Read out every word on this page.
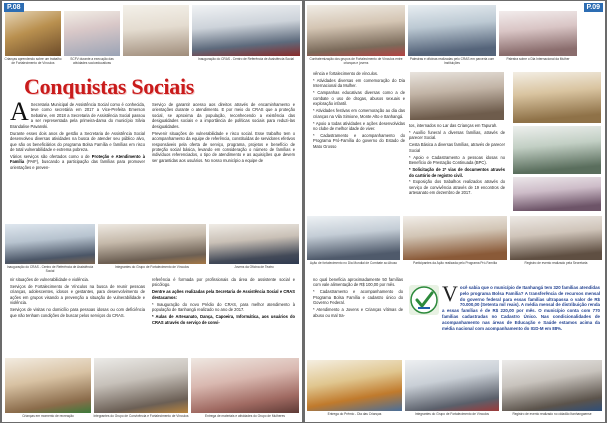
P.08
Crianças aprendendo sobre um trabalho de Fortalecimento de Vínculos
SCFV durante a execução das atividades socioeducativas
Inauguração do CRAS - Centro de Referência de Assistência Social
Conquistas Sociais

A Secretaria Municipal de Assistência Social como é conhecida, teve como secretária em 2017 a Vice-Prefeita Emerson Sebatine, em 2018 a Secretaria de Assistência Social passou a ser representada pela primeira-dama do município Silvia Brandalise Pavanski.

Durante esses dois anos de gestão a Secretaria de Assistência Social desenvolveu diversas atividades na busca de atender seu público alvo, que são os beneficiários do programa Bolsa Família e famílias em risco de total vulnerabilidade e extrema pobreza.

Vários serviços são ofertados como o de Proteção e Atendimento à Família (PAIF), buscando a participação das famílias para promover orientações e preven-

Serviço de garantir acesso aos direitos através de encaminhamento e orientações durante o atendimento. E por meio do CRAS que a proteção social, se aproxima da população, reconhecendo a existência das desigualdades sociais e a importância de políticas sociais para reduzi-las desigualdades.

Prevenir situações de vulnerabilidade e risco social. Esse trabalho tem o acompanhamento da equipe de referência, constituídas de servidores efetivos responsáveis pela oferta de serviço, programa, projetos e benefício de proteção social básica, levando em consideração o número de famílias e indivíduos referenciados, o tipo de atendimento e as aquisições que devem ser garantidas aos usuários. No nosso município a equipe de

Inauguração do CRAS - Centro de Referência de Assistência Social
Integrantes do Grupo de Fortalecimento de Vínculos	Jovens da Oficina de Teatro

nir situações de vulnerabilidade e violência.

Serviços de Fortalecimento de Vínculos na busca de reunir pessoas crianças, adolescentes, idosos e gestantes, para desenvolvimento de ações em grupos visando a prevenção a situação de vulnerabilidade e violência.

Serviços de visitas no domicílio para pessoas idosas ou com deficiência que não tenham condições de buscar pelos serviços do CRAS.

referência é formada por profissionais da área de assistente social e psicólogo.

Dentre as ações realizadas pela Secretaria de Assistência Social e CRAS destacamos:

* Inauguração do novo Prédio do CRAS, para melhor atendimento à população de Itanhangá realizado no ano de 2017.

* Aulas de Artesanato, Dança, Capoeira, Informática, aos usuários do CRAS através do serviço de convi-

Crianças em momento de recreação	Integrantes do Grupo de Convivência e Fortalecimento de Vínculos	Entrega de materiais e atividades do Grupo de Mulheres
P.09
Confraternização dos grupos de Fortalecimento de Vínculos entre crianças e jovens
Palestras e oficinas realizadas pelo CRAS em parceria com Instituições
Palestra sobre o Dia Internacional da Mulher

vência e fortalecimento de vínculos.

* Atividades diversas em comemoração do Dia Internacional da Mulher.

* Campanhas educativas diversas como a de combate o uso de drogas, abusos sexuais e exploração infantil.

* Atividades festivas em comemoração ao dia das crianças na Vila Simione, Monte Alto e Itanhangá.

* Apoio a todas atividades e ações desenvolvidas no clube de melhor idade de viver.

* Cadastramento e acompanhamento do Programa Pró-Família do governo do Estado de Mato Grosso

tos, internados no Lar das Crianças em Tapurah.

* Auxílio funeral a diversas famílias, através de parecer Social.

Cesta Básica a diversas famílias, através de parecer Social

* Apoio e Cadastramento a pessoas idosas no Benefício de Prestação Continuada (BPC).

* Solicitação de 2ª vias de documentos através do cartório de registro civil.

* Exposição dos trabalhos realizados através do serviço de convivência através de 19 encontros de artesanato em dezembro de 2017.

Ação de fortalecimento no Dia Mundial de Combate ao Abuso	Participantes da Ação realizada pelo Programa Pró-Família	Registro de evento realizado pela Secretaria

no qual beneficia aproximadamente 50 famílias com vale alimentação de R$ 100,00 por mês.

* Cadastramento e acompanhamento do Programa Bolsa Família e cadastro único do Governo Federal.

* Atendimento a Jovens e Crianças vítimas de abuso ou mal tra-

Você sabia que o município de Itanhangá tem 320 famílias atendidas pelo programa Bolsa Família? A transferência de recursos mensal do governo federal para essas famílias ultrapassa o valor de R$ 70.000,00 (Setenta mil reais). A média mensal de distribuição renda a essas famílias é de R$ 220,00 por mês. O município conta com 770 famílias cadastradas no Cadastro Único. Nas condicionalidades de acompanhamento nas áreas de Educação e Saúde estamos acima da média nacional com acompanhamento do IGD-M em 88%.

Entrega do Prêmio - Dia das Crianças	Integrantes do Grupo de Fortalecimento de Vínculos	Registro de evento realizado no cidadão Itanhangaense
